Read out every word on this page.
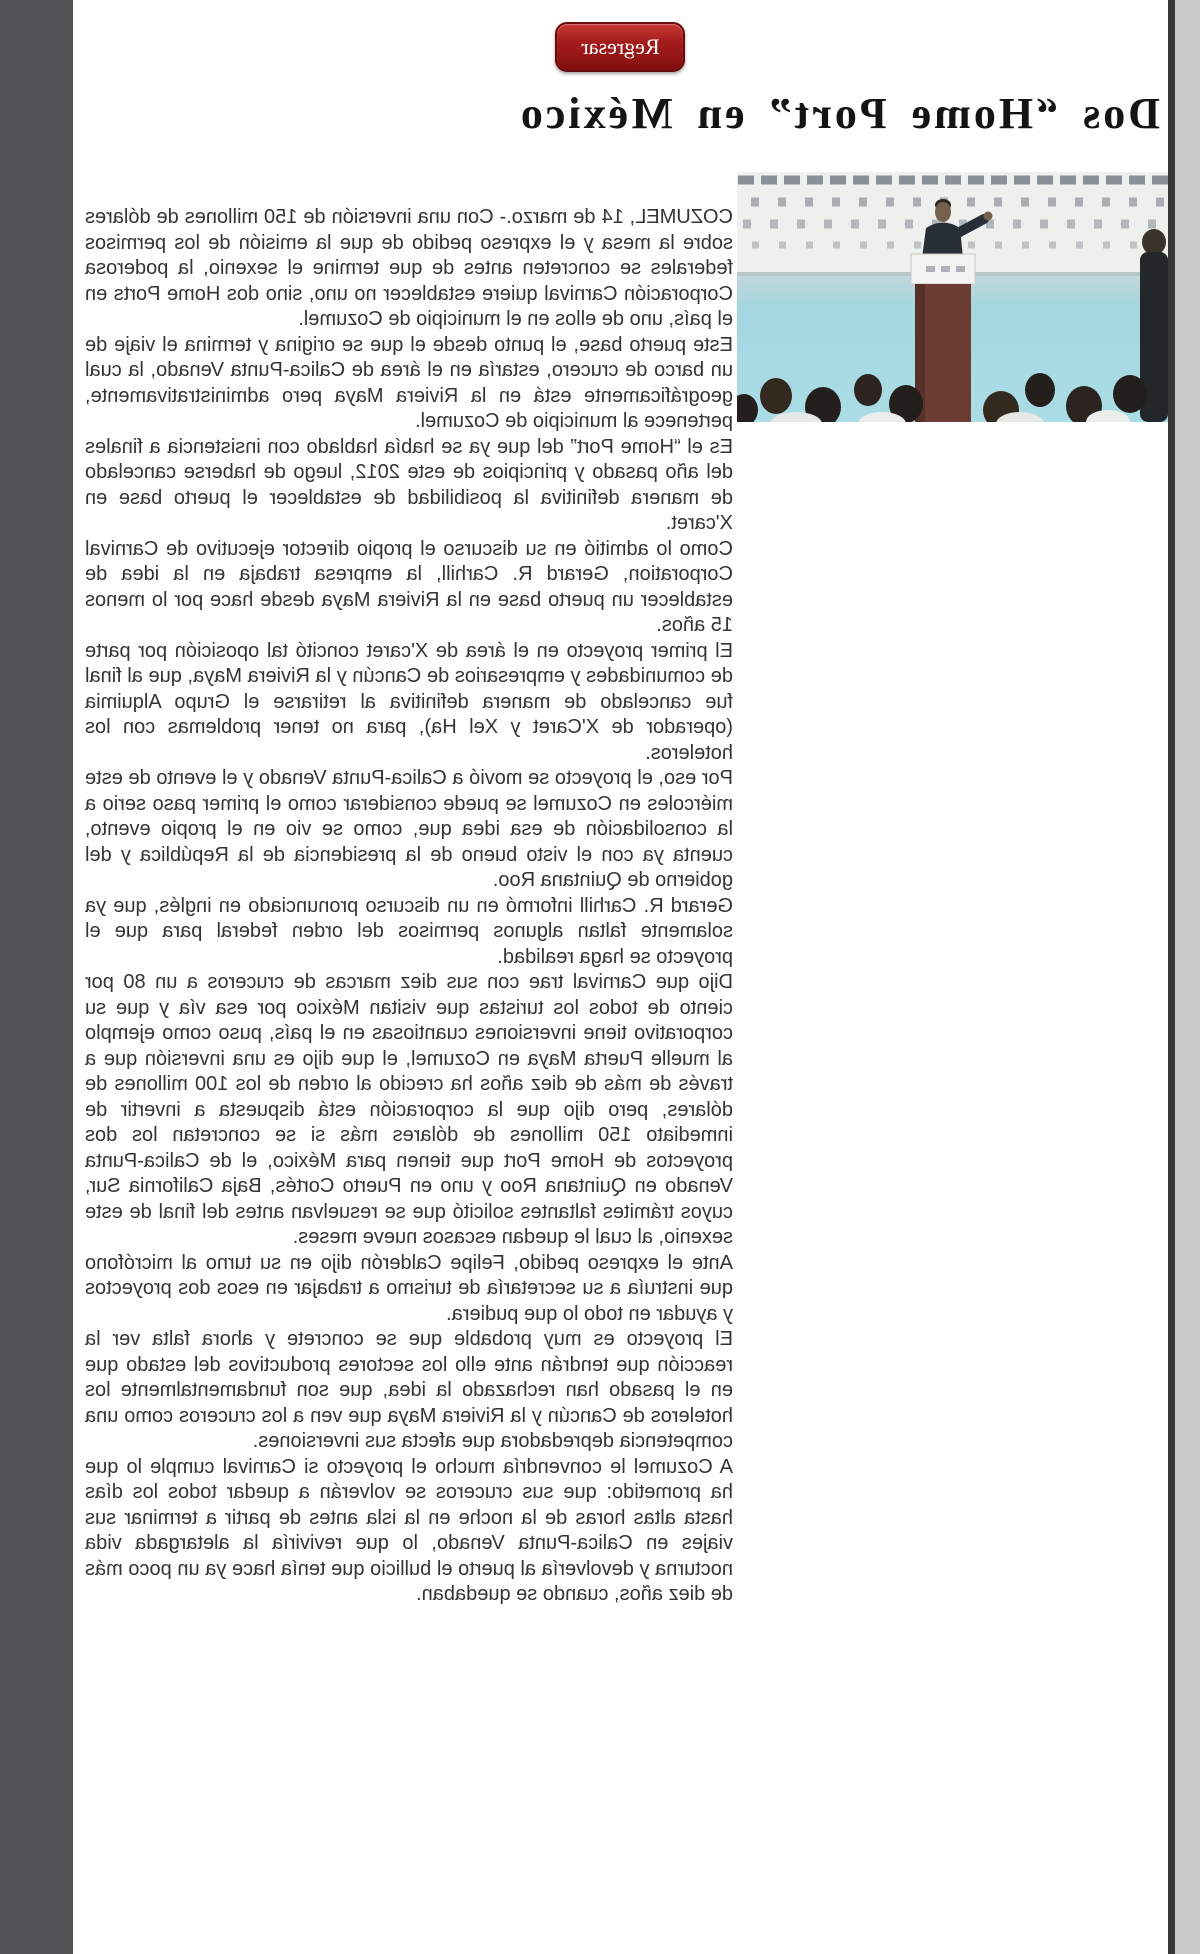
Regresar
Dos “Home Port” en México

COZUMEL, 14 de marzo.- Con una inversión de 150 millones de dólares sobre la mesa y el expreso pedido de que la emisión de los permisos federales se concreten antes de que termine el sexenio, la poderosa Corporación Carnival quiere establecer no uno, sino dos Home Ports en el país, uno de ellos en el municipio de Cozumel.

Este puerto base, el punto desde el que se origina y termina el viaje de un barco de crucero, estaría en el área de Calica-Punta Venado, la cual geográficamente está en la Riviera Maya pero administrativamente, pertenece al municipio de Cozumel.

Es el “Home Port” del que ya se había hablado con insistencia a finales del año pasado y principios de este 2012, luego de haberse cancelado de manera definitiva la posibilidad de establecer el puerto base en X'caret.

Como lo admitió en su discurso el propio director ejecutivo de Carnival Corporation, Gerard R. Carhill, la empresa trabaja en la idea de establecer un puerto base en la Riviera Maya desde hace por lo menos 15 años.

El primer proyecto en el área de X'caret concitó tal oposición por parte de comunidades y empresarios de Cancún y la Riviera Maya, que al final fue cancelado de manera definitiva al retirarse el Grupo Alquimia (operador de X'Caret y Xel Ha), para no tener problemas con los hoteleros.

Por eso, el proyecto se movió a Calica-Punta Venado y el evento de este miércoles en Cozumel se puede considerar como el primer paso serio a la consolidación de esa idea que, como se vio en el propio evento, cuenta ya con el visto bueno de la presidencia de la República y del gobierno de Quintana Roo.

Gerard R. Carhill informó en un discurso pronunciado en inglés, que ya solamente faltan algunos permisos del orden federal para que el proyecto se haga realidad.

Dijo que Carnival trae con sus diez marcas de cruceros a un 80 por ciento de todos los turistas que visitan México por esa vía y que su corporativo tiene inversiones cuantiosas en el país, puso como ejemplo al muelle Puerta Maya en Cozumel, el que dijo es una inversión que a través de más de diez años ha crecido al orden de los 100 millones de dólares, pero dijo que la corporación está dispuesta a invertir de inmediato 150 millones de dólares más si se concretan los dos proyectos de Home Port que tienen para México, el de Calica-Punta Venado en Quintana Roo y uno en Puerto Cortés, Baja California Sur, cuyos trámites faltantes solicitó que se resuelvan antes del final de este sexenio, al cual le quedan escasos nueve meses.

Ante el expreso pedido, Felipe Calderón dijo en su turno al micrófono que instruía a su secretaría de turismo a trabajar en esos dos proyectos y ayudar en todo lo que pudiera.

El proyecto es muy probable que se concrete y ahora falta ver la reacción que tendrán ante ello los sectores productivos del estado que en el pasado han rechazado la idea, que son fundamentalmente los hoteleros de Cancún y la Riviera Maya que ven a los cruceros como una competencia depredadora que afecta sus inversiones.

A Cozumel le convendría mucho el proyecto si Carnival cumple lo que ha prometido: que sus cruceros se volverán a quedar todos los días hasta altas horas de la noche en la isla antes de partir a terminar sus viajes en Calica-Punta Venado, lo que reviviría la aletargada vida nocturna y devolvería al puerto el bullicio que tenía hace ya un poco más de diez años, cuando se quedaban.
